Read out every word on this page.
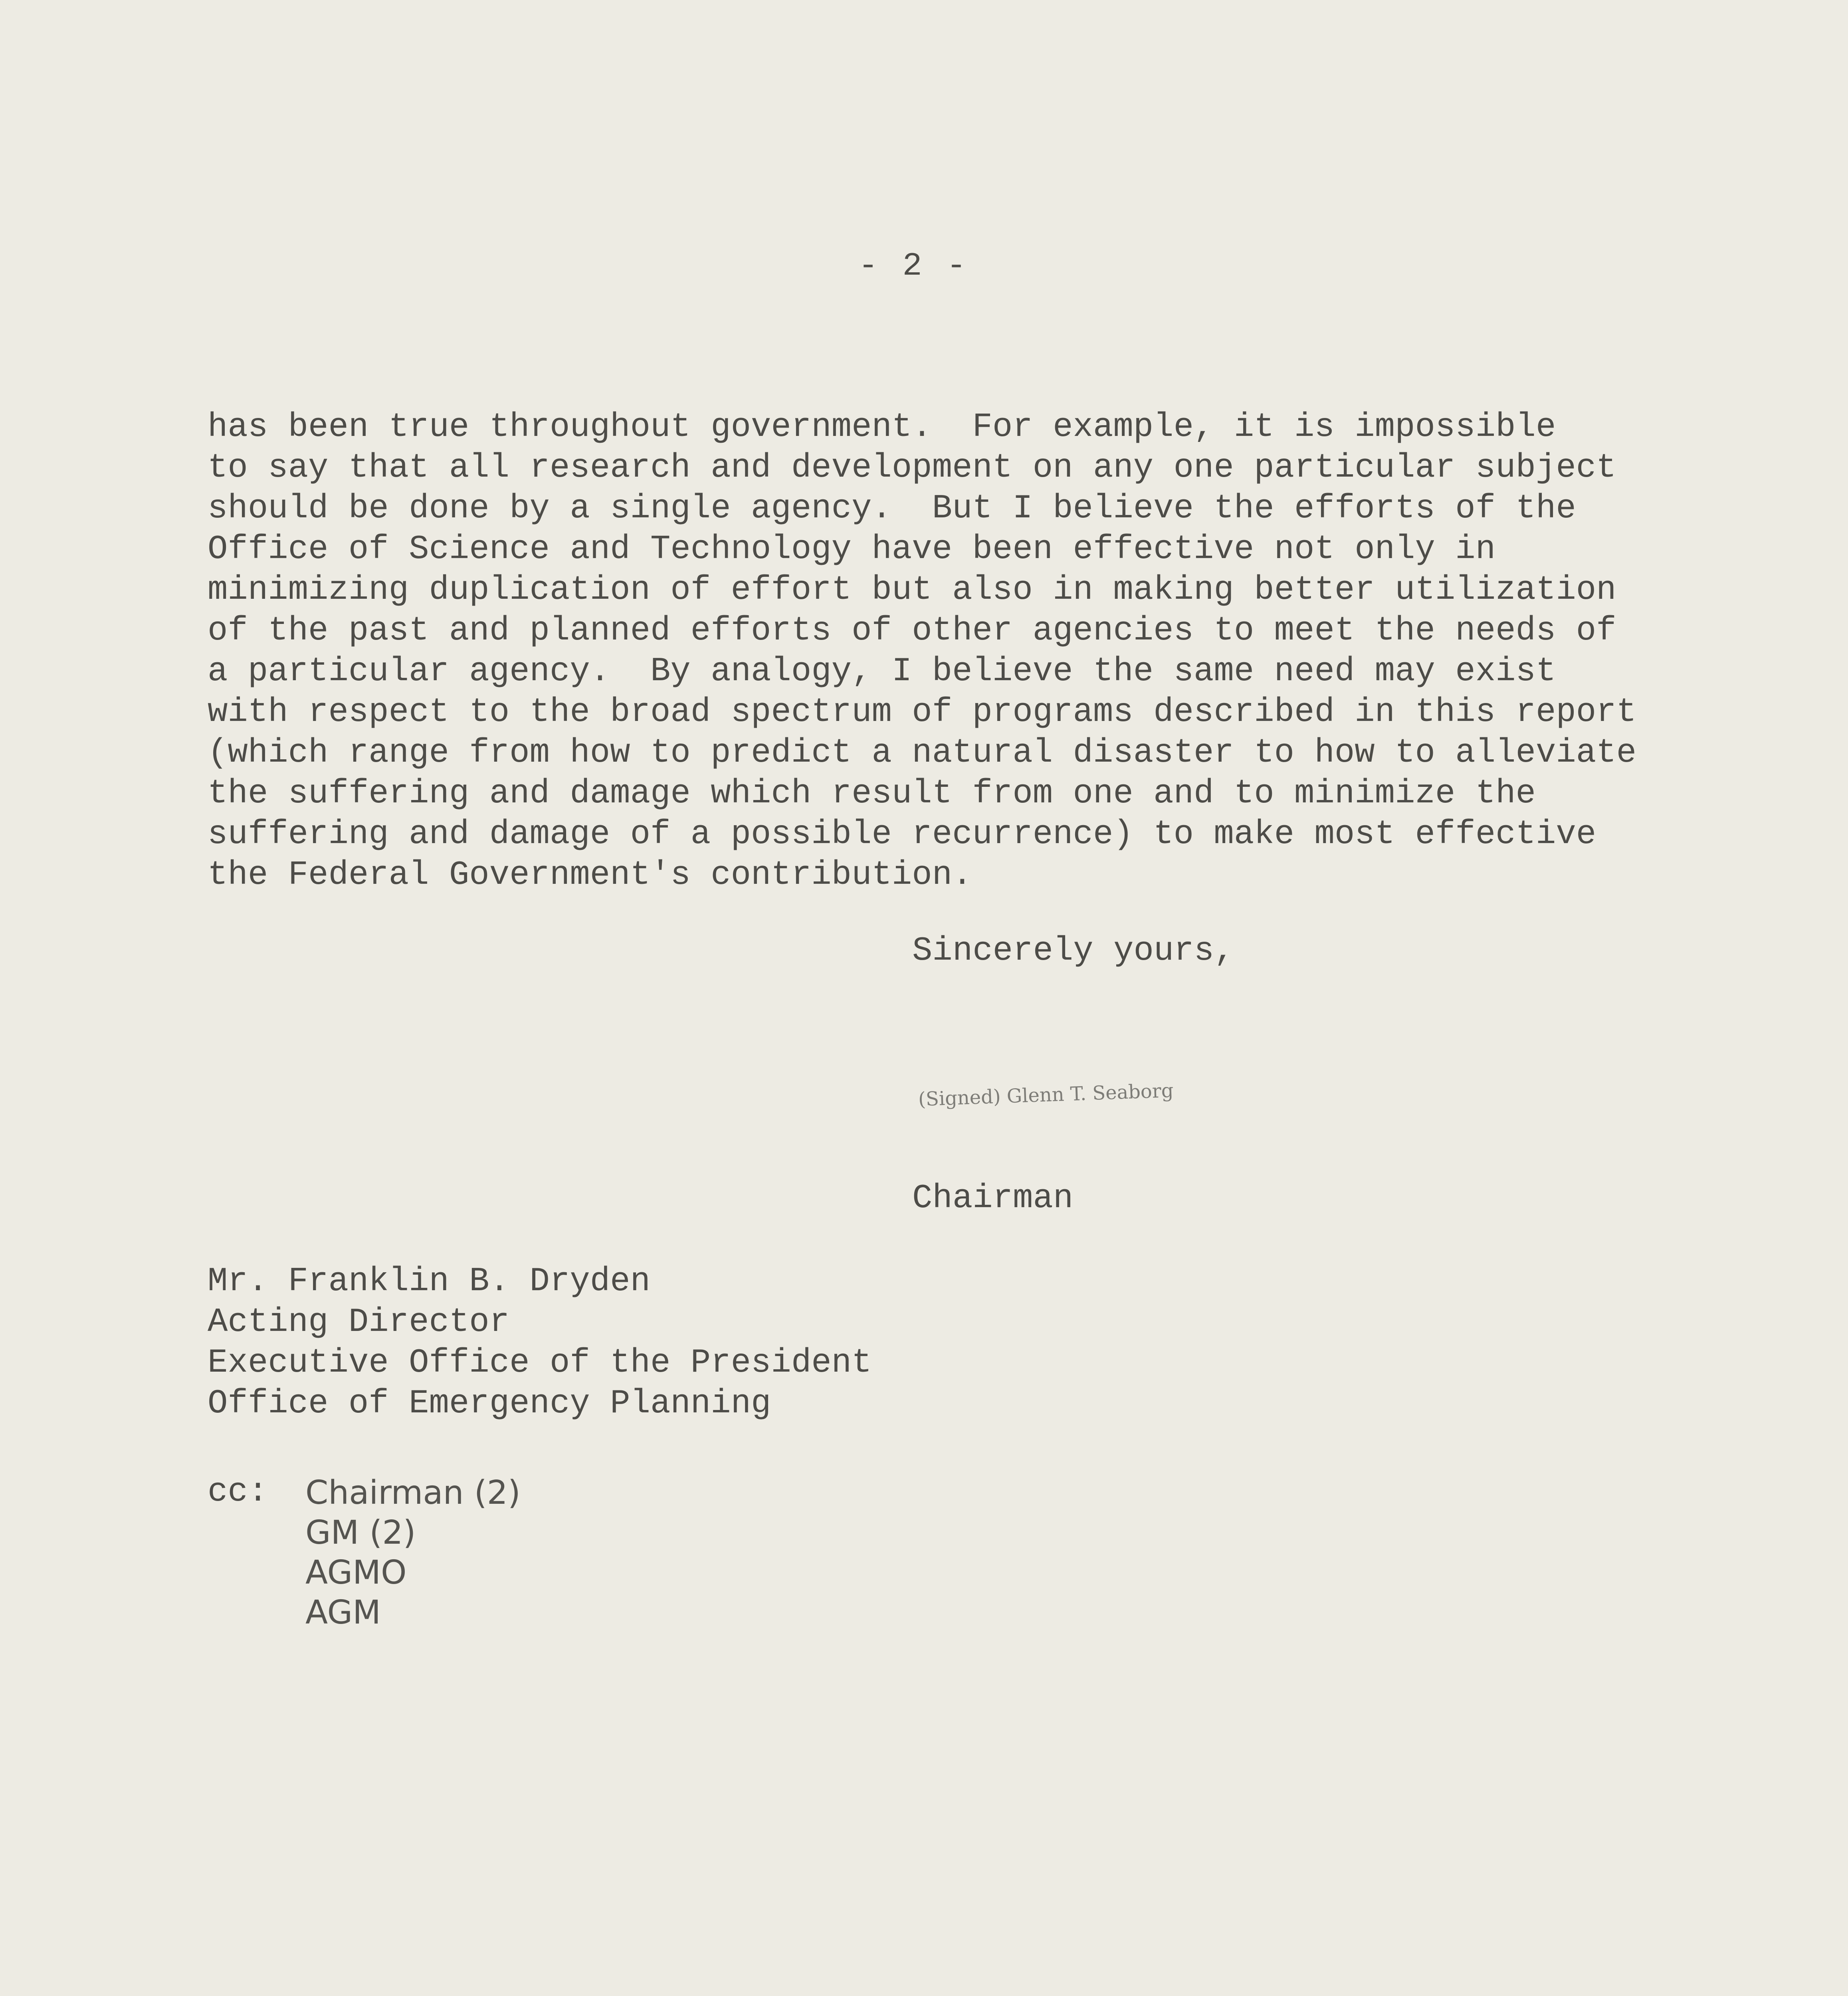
- 2 -
has been true throughout government.  For example, it is impossible
to say that all research and development on any one particular subject
should be done by a single agency.  But I believe the efforts of the
Office of Science and Technology have been effective not only in
minimizing duplication of effort but also in making better utilization
of the past and planned efforts of other agencies to meet the needs of
a particular agency.  By analogy, I believe the same need may exist
with respect to the broad spectrum of programs described in this report
(which range from how to predict a natural disaster to how to alleviate
the suffering and damage which result from one and to minimize the
suffering and damage of a possible recurrence) to make most effective
the Federal Government's contribution.
Sincerely yours,
(Signed) Glenn T. Seaborg
Chairman
Mr. Franklin B. Dryden
Acting Director
Executive Office of the President
Office of Emergency Planning
cc: Chairman (2)
GM (2)
AGMO
AGM
